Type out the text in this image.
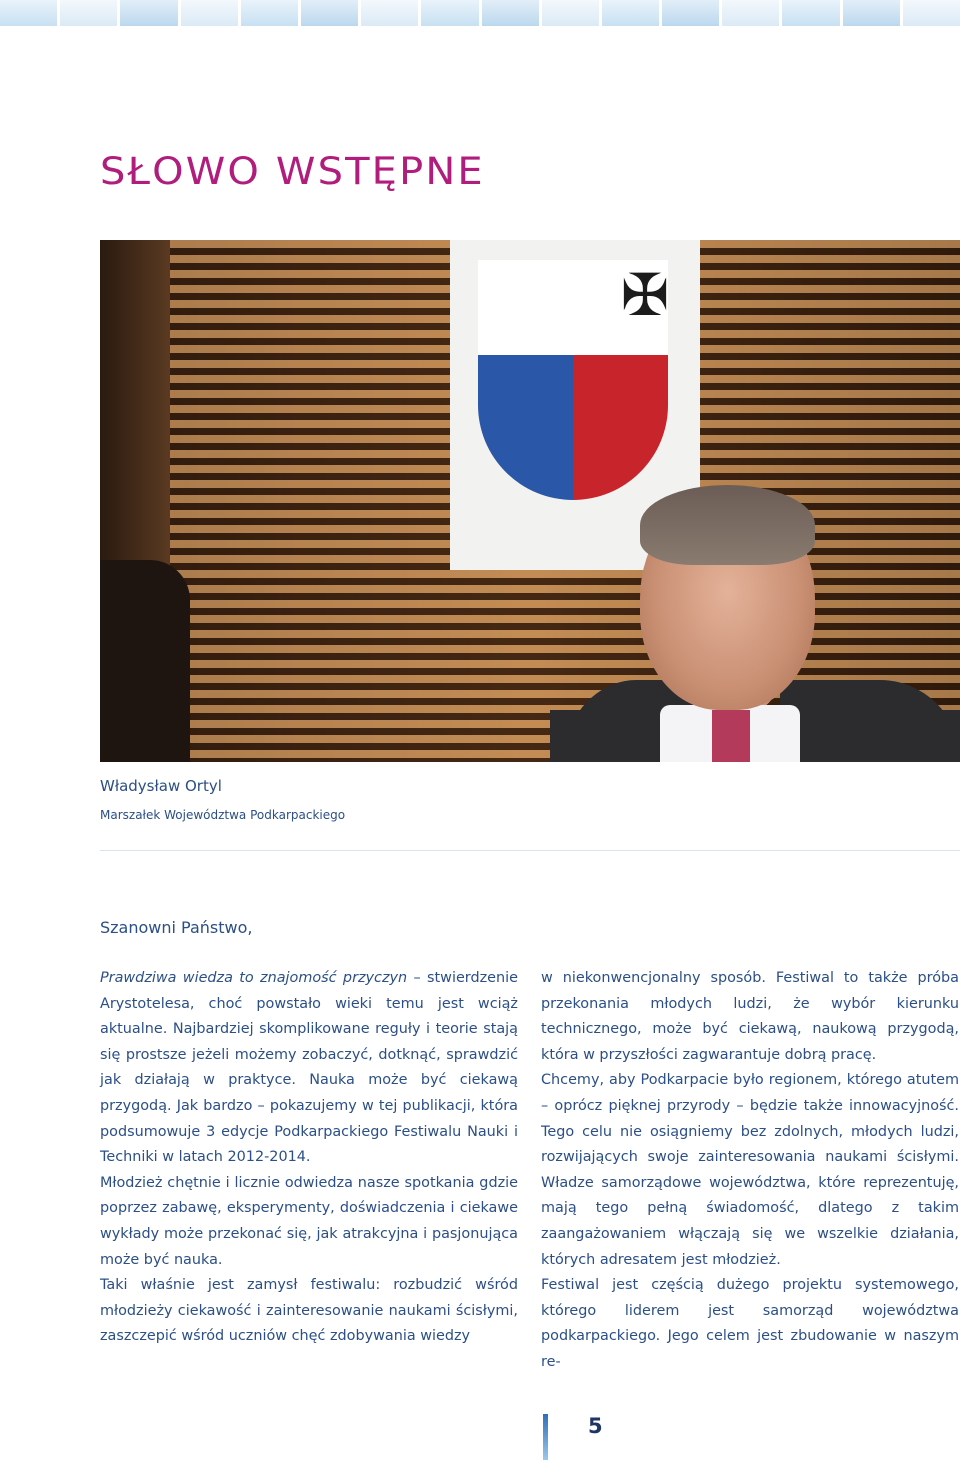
SŁOWO WSTĘPNE
✠
Władysław Ortyl
Marszałek Województwa Podkarpackiego
Szanowni Państwo,

Prawdziwa wiedza to znajomość przyczyn – stwierdzenie Arystotelesa, choć powstało wieki temu jest wciąż aktualne. Najbardziej skomplikowane reguły i teorie stają się prostsze jeżeli możemy zobaczyć, dotknąć, sprawdzić jak działają w praktyce. Nauka może być ciekawą przygodą. Jak bardzo – pokazujemy w tej publikacji, która podsumowuje 3 edycje Podkarpackiego Festiwalu Nauki i Techniki w latach 2012-2014.

Młodzież chętnie i licznie odwiedza nasze spotkania gdzie poprzez zabawę, eksperymenty, doświadczenia i ciekawe wykłady może przekonać się, jak atrakcyjna i pasjonująca może być nauka.

Taki właśnie jest zamysł festiwalu: rozbudzić wśród młodzieży ciekawość i zainteresowanie naukami ścisłymi, zaszczepić wśród uczniów chęć zdobywania wiedzy

w niekonwencjonalny sposób. Festiwal to także próba przekonania młodych ludzi, że wybór kierunku technicznego, może być ciekawą, naukową przygodą, która w przyszłości zagwarantuje dobrą pracę.

Chcemy, aby Podkarpacie było regionem, którego atutem – oprócz pięknej przyrody – będzie także innowacyjność. Tego celu nie osiągniemy bez zdolnych, młodych ludzi, rozwijających swoje zainteresowania naukami ścisłymi. Władze samorządowe województwa, które reprezentuję, mają tego pełną świadomość, dlatego z takim zaangażowaniem włączają się we wszelkie działania, których adresatem jest młodzież.

Festiwal jest częścią dużego projektu systemowego, którego liderem jest samorząd województwa podkarpackiego. Jego celem jest zbudowanie w naszym re-

5
